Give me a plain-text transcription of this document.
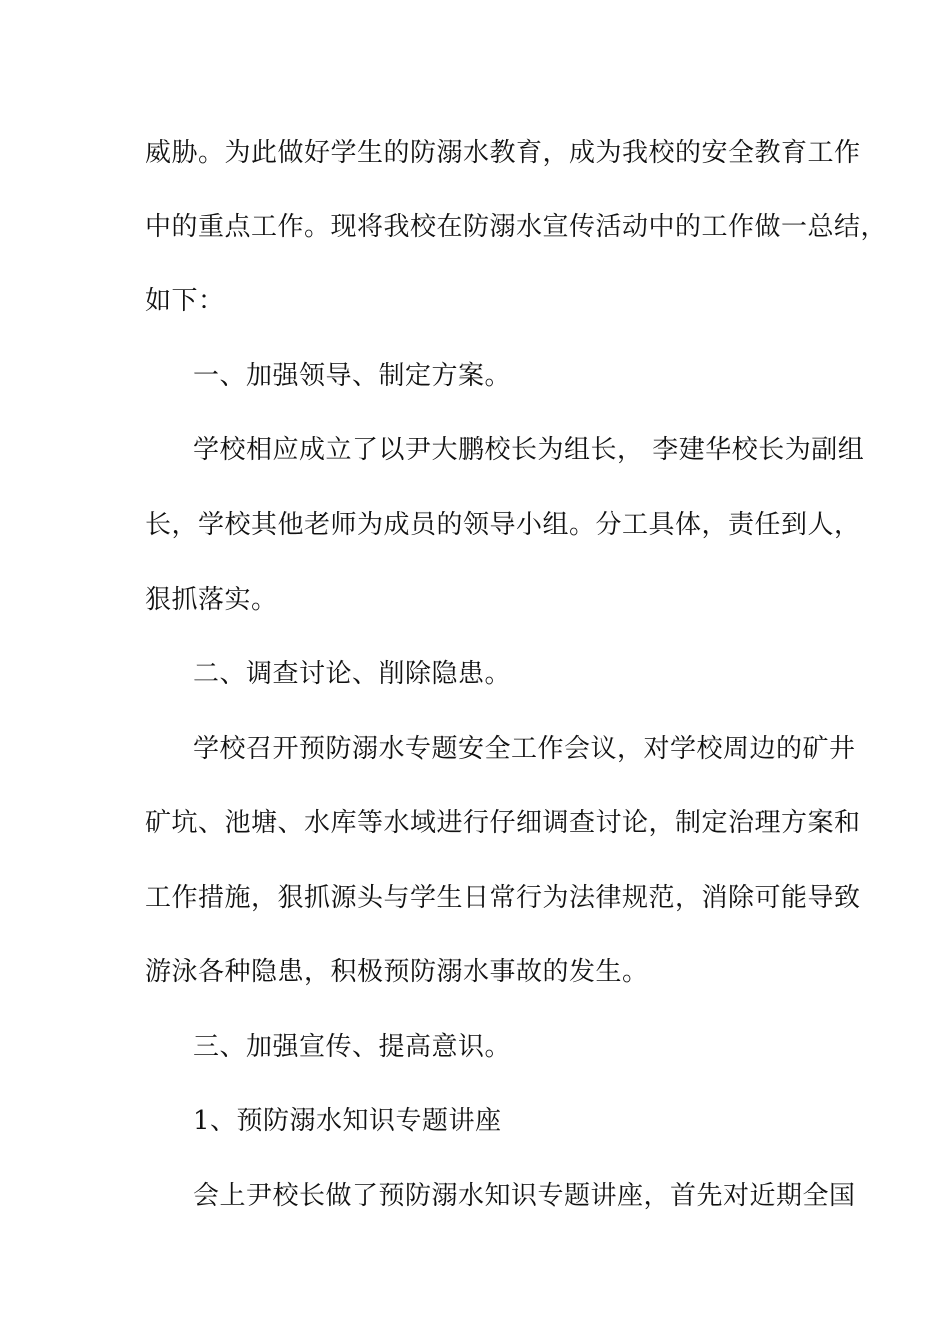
威胁。为此做好学生的防溺水教育，成为我校的安全教育工作
中的重点工作。现将我校在防溺水宣传活动中的工作做一总结，
如下：
一、加强领导、制定方案。
学校相应成立了以尹大鹏校长为组长， 李建华校长为副组
长，学校其他老师为成员的领导小组。分工具体，责任到人，
狠抓落实。
二、调查讨论、削除隐患。
学校召开预防溺水专题安全工作会议，对学校周边的矿井
矿坑、池塘、水库等水域进行仔细调查讨论，制定治理方案和
工作措施，狠抓源头与学生日常行为法律规范，消除可能导致
游泳各种隐患，积极预防溺水事故的发生。
三、加强宣传、提高意识。
1、预防溺水知识专题讲座
会上尹校长做了预防溺水知识专题讲座，首先对近期全国
